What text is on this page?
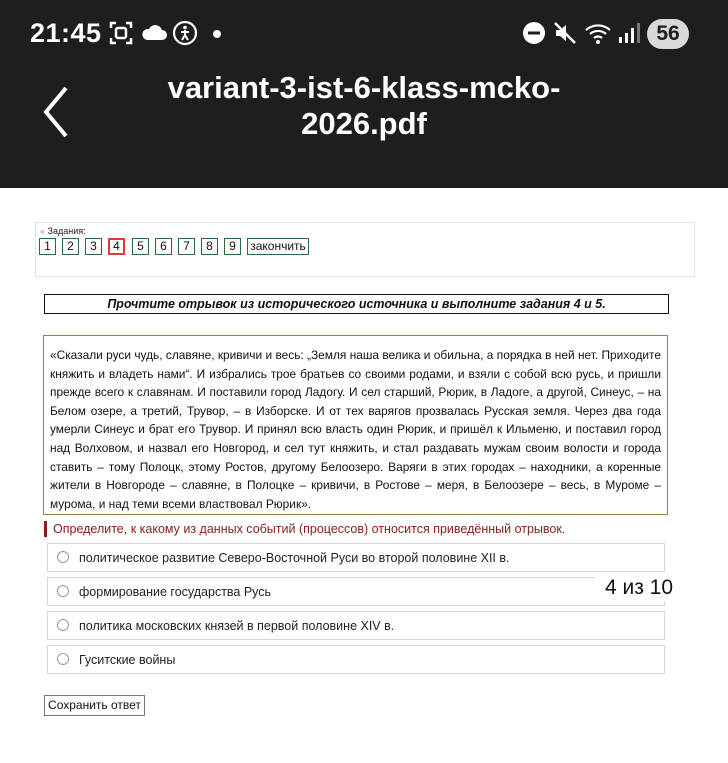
21:45	56
variant-3-ist-6-klass-mcko-2026.pdf
« Задания:
1	2	3	4	5	6	7	8	9	закончить
Прочтите отрывок из исторического источника и выполните задания 4 и 5.
«Сказали руси чудь, славяне, кривичи и весь: „Земля наша велика и обильна, а порядка в ней нет. Приходите княжить и владеть нами“. И избрались трое братьев со своими родами, и взяли с собой всю русь, и пришли прежде всего к славянам. И поставили город Ладогу. И сел старший, Рюрик, в Ладоге, а другой, Синеус, – на Белом озере, а третий, Трувор, – в Изборске. И от тех варягов прозвалась Русская земля. Через два года умерли Синеус и брат его Трувор. И принял всю власть один Рюрик, и пришёл к Ильменю, и поставил город над Волховом, и назвал его Новгород, и сел тут княжить, и стал раздавать мужам своим волости и города ставить – тому Полоцк, этому Ростов, другому Белоозеро. Варяги в этих городах – находники, а коренные жители в Новгороде – славяне, в Полоцке – кривичи, в Ростове – меря, в Белоозере – весь, в Муроме – мурома, и над теми всеми властвовал Рюрик».
Определите, к какому из данных событий (процессов) относится приведённый отрывок.
политическое развитие Северо-Восточной Руси во второй половине XII в.
формирование государства Русь
политика московских князей в первой половине XIV в.
Гуситские войны
4 из 10
Сохранить ответ
